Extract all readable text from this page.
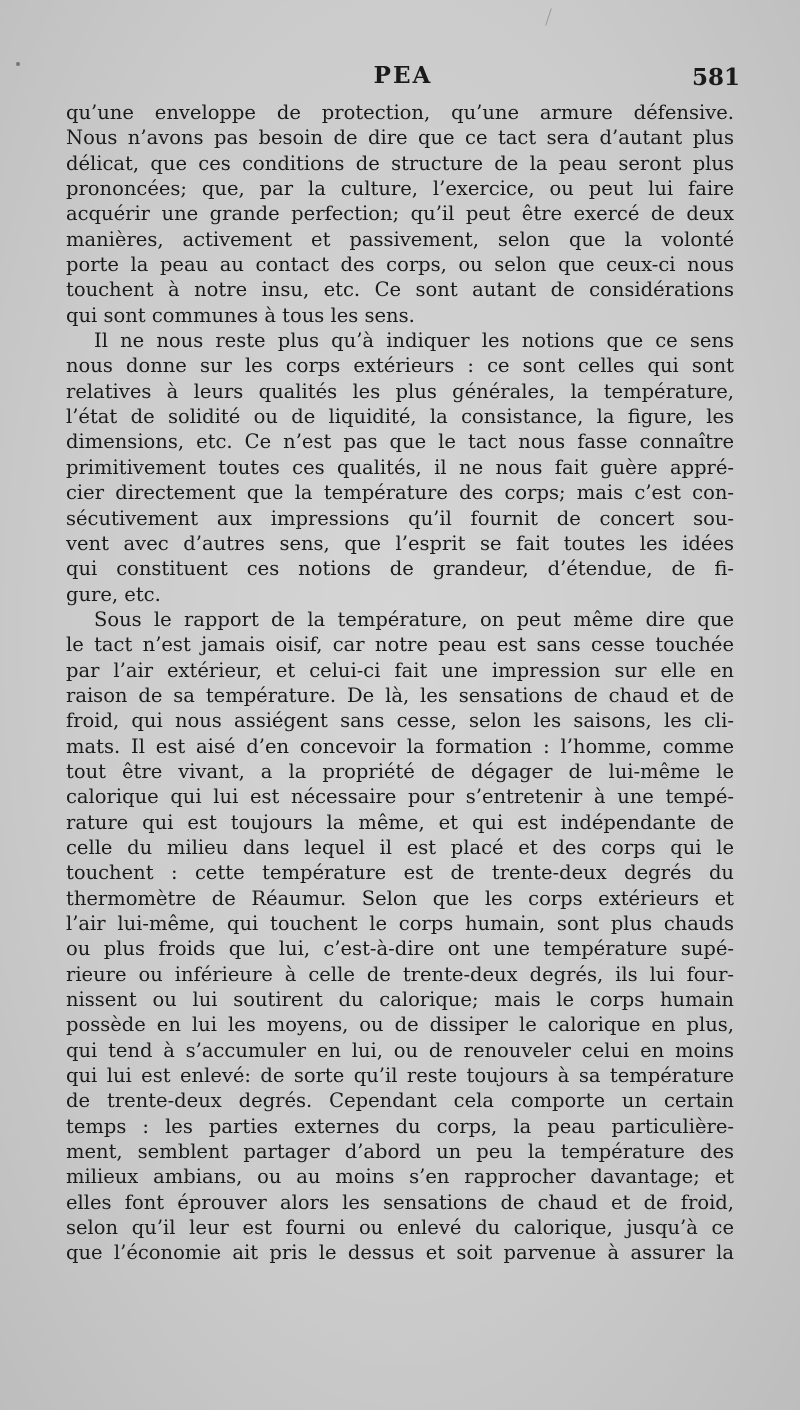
PEA	581
qu’une enveloppe de protection, qu’une armure défensive.
Nous n’avons pas besoin de dire que ce tact sera d’autant plus
délicat, que ces conditions de structure de la peau seront plus
prononcées; que, par la culture, l’exercice, ou peut lui faire
acquérir une grande perfection; qu’il peut être exercé de deux
manières, activement et passivement, selon que la volonté
porte la peau au contact des corps, ou selon que ceux-ci nous
touchent à notre insu, etc. Ce sont autant de considérations
qui sont communes à tous les sens.
Il ne nous reste plus qu’à indiquer les notions que ce sens
nous donne sur les corps extérieurs : ce sont celles qui sont
relatives à leurs qualités les plus générales, la température,
l’état de solidité ou de liquidité, la consistance, la figure, les
dimensions, etc. Ce n’est pas que le tact nous fasse connaître
primitivement toutes ces qualités, il ne nous fait guère appré-
cier directement que la température des corps; mais c’est con-
sécutivement aux impressions qu’il fournit de concert sou-
vent avec d’autres sens, que l’esprit se fait toutes les idées
qui constituent ces notions de grandeur, d’étendue, de fi-
gure, etc.
Sous le rapport de la température, on peut même dire que
le tact n’est jamais oisif, car notre peau est sans cesse touchée
par l’air extérieur, et celui-ci fait une impression sur elle en
raison de sa température. De là, les sensations de chaud et de
froid, qui nous assiégent sans cesse, selon les saisons, les cli-
mats. Il est aisé d’en concevoir la formation : l’homme, comme
tout être vivant, a la propriété de dégager de lui-même le
calorique qui lui est nécessaire pour s’entretenir à une tempé-
rature qui est toujours la même, et qui est indépendante de
celle du milieu dans lequel il est placé et des corps qui le
touchent : cette température est de trente-deux degrés du
thermomètre de Réaumur. Selon que les corps extérieurs et
l’air lui-même, qui touchent le corps humain, sont plus chauds
ou plus froids que lui, c’est-à-dire ont une température supé-
rieure ou inférieure à celle de trente-deux degrés, ils lui four-
nissent ou lui soutirent du calorique; mais le corps humain
possède en lui les moyens, ou de dissiper le calorique en plus,
qui tend à s’accumuler en lui, ou de renouveler celui en moins
qui lui est enlevé: de sorte qu’il reste toujours à sa température
de trente-deux degrés. Cependant cela comporte un certain
temps : les parties externes du corps, la peau particulière-
ment, semblent partager d’abord un peu la température des
milieux ambians, ou au moins s’en rapprocher davantage; et
elles font éprouver alors les sensations de chaud et de froid,
selon qu’il leur est fourni ou enlevé du calorique, jusqu’à ce
que l’économie ait pris le dessus et soit parvenue à assurer la
